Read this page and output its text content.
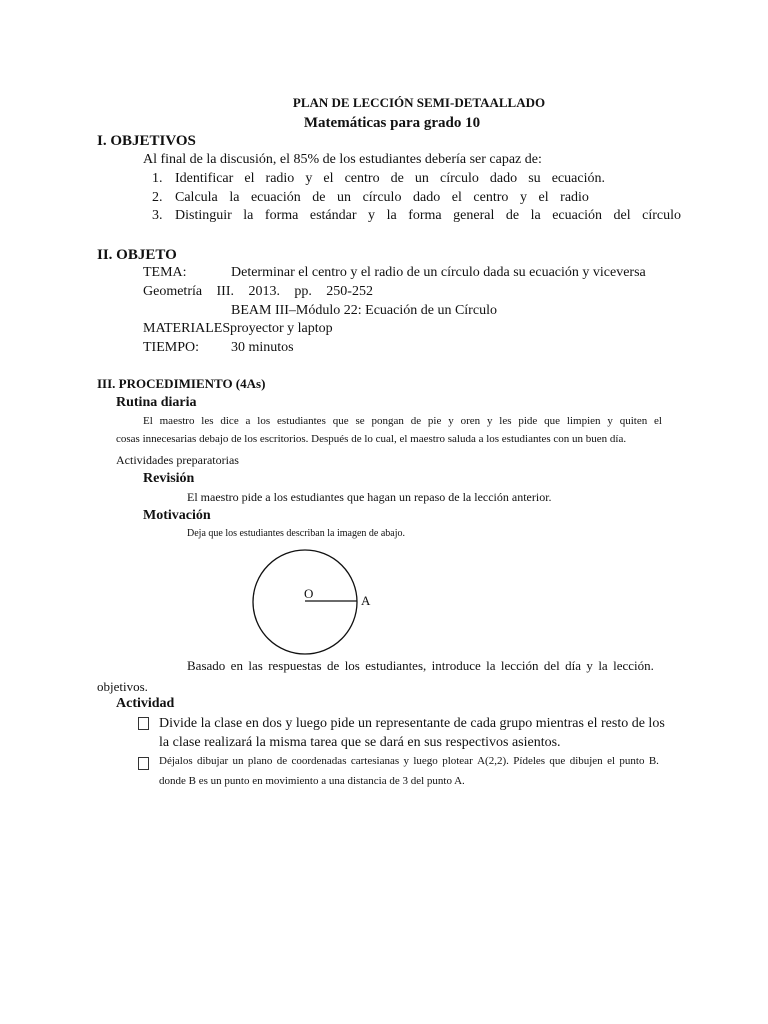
PLAN DE LECCIÓN SEMI-DETAALLADO
Matemáticas para grado 10
I. OBJETIVOS
Al final de la discusión, el 85% de los estudiantes debería ser capaz de:
1. Identificar el radio y el centro de un círculo dado su ecuación.
2. Calcula la ecuación de un círculo dado el centro y el radio
3. Distinguir la forma estándar y la forma general de la ecuación del círculo
II. OBJETO
TEMA:	Determinar el centro y el radio de un círculo dada su ecuación y viceversa
Geometría III. 2013. pp. 250-252
BEAM III–Módulo 22: Ecuación de un Círculo
MATERIALES proyector y laptop
TIEMPO: 30 minutos
III. PROCEDIMIENTO (4As)
Rutina diaria
El maestro les dice a los estudiantes que se pongan de pie y oren y les pide que limpien y quiten el
cosas innecesarias debajo de los escritorios. Después de lo cual, el maestro saluda a los estudiantes con un buen día.
Actividades preparatorias
Revisión
El maestro pide a los estudiantes que hagan un repaso de la lección anterior.
Motivación
Deja que los estudiantes describan la imagen de abajo.
O	A
Basado en las respuestas de los estudiantes, introduce la lección del día y la lección.
objetivos.
Actividad
Divide la clase en dos y luego pide un representante de cada grupo mientras el resto de los
la clase realizará la misma tarea que se dará en sus respectivos asientos.
Déjalos dibujar un plano de coordenadas cartesianas y luego plotear A(2,2). Pídeles que dibujen el punto B.
donde B es un punto en movimiento a una distancia de 3 del punto A.
